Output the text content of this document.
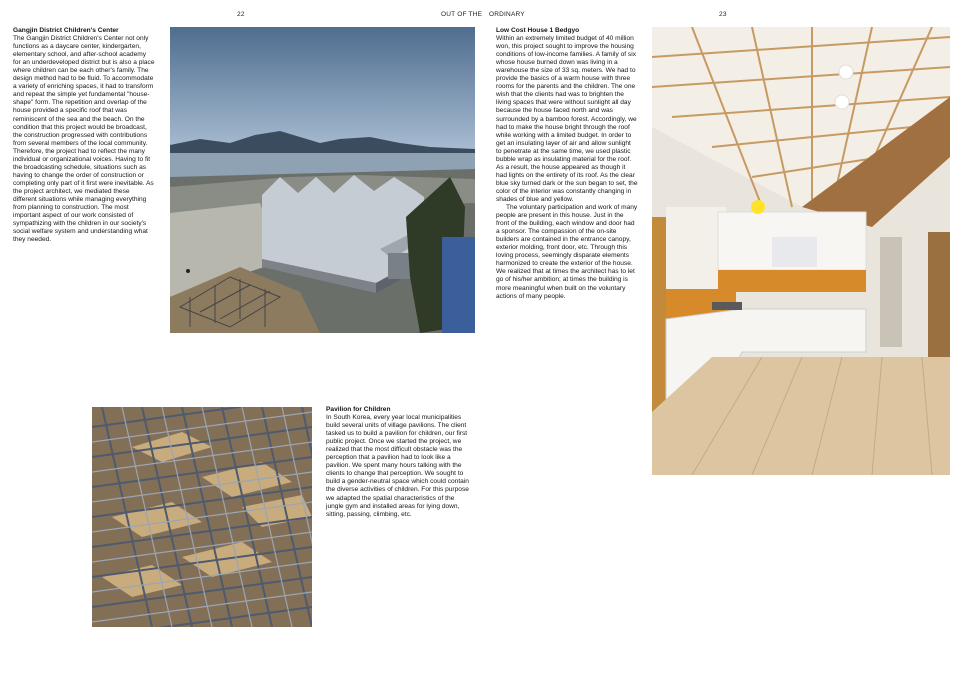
22	OUT OF THE ORDINARY	23
Gangjin District Children's Center

The Gangjin District Children's Center not only functions as a daycare center, kindergarten, elementary school, and after-school academy for an underdeveloped district but is also a place where children can be each other's family. The design method had to be fluid. To accommodate a variety of enriching spaces, it had to transform and repeat the simple yet fundamental "house-shape" form. The repetition and overlap of the house provided a specific roof that was reminiscent of the sea and the beach. On the condition that this project would be broadcast, the construction progressed with contributions from several members of the local community. Therefore, the project had to reflect the many individual or organizational voices. Having to fit the broadcasting schedule, situations such as having to change the order of construction or completing only part of it first were inevitable. As the project architect, we mediated these different situations while managing everything from planning to construction. The most important aspect of our work consisted of sympathizing with the children in our society's social welfare system and understanding what they needed.

Pavilion for Children

In South Korea, every year local municipalities build several units of village pavilions. The client tasked us to build a pavilion for children, our first public project. Once we started the project, we realized that the most difficult obstacle was the perception that a pavilion had to look like a pavilion. We spent many hours talking with the clients to change that perception. We sought to build a gender-neutral space which could contain the diverse activities of children. For this purpose we adapted the spatial characteristics of the jungle gym and installed areas for lying down, sitting, passing, climbing, etc.

Low Cost House 1 Bedgyo

Within an extremely limited budget of 40 million won, this project sought to improve the housing conditions of low-income families. A family of six whose house burned down was living in a warehouse the size of 33 sq. meters. We had to provide the basics of a warm house with three rooms for the parents and the children. The one wish that the clients had was to brighten the living spaces that were without sunlight all day because the house faced north and was surrounded by a bamboo forest. Accordingly, we had to make the house bright through the roof while working with a limited budget. In order to get an insulating layer of air and allow sunlight to penetrate at the same time, we used plastic bubble wrap as insulating material for the roof. As a result, the house appeared as though it had lights on the entirety of its roof. As the clear blue sky turned dark or the sun began to set, the color of the interior was constantly changing in shades of blue and yellow.

The voluntary participation and work of many people are present in this house. Just in the front of the building, each window and door had a sponsor. The compassion of the on-site builders are contained in the entrance canopy, exterior molding, front door, etc. Through this loving process, seemingly disparate elements harmonized to create the exterior of the house. We realized that at times the architect has to let go of his/her ambition; at times the building is more meaningful when built on the voluntary actions of many people.
